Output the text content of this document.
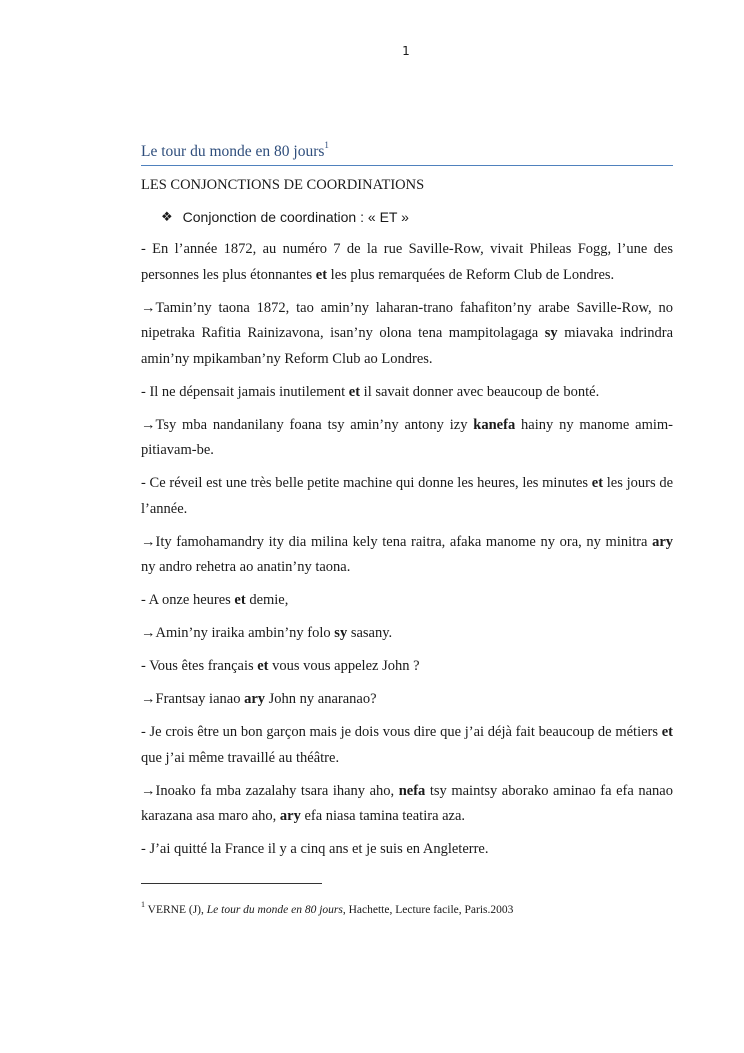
1
Le tour du monde en 80 jours$^1$
LES CONJONCTIONS DE COORDINATIONS
❖ Conjonction de coordination : « ET »
- En l’année 1872, au numéro 7 de la rue Saville-Row, vivait Phileas Fogg, l’une des personnes les plus étonnantes et les plus remarquées de Reform Club de Londres.
→Tamin’ny taona 1872, tao amin’ny laharan-trano fahafiton’ny arabe Saville-Row, no nipetraka Rafitia Rainizavona, isan’ny olona tena mampitolagaga sy miavaka indrindra amin’ny mpikamban’ny Reform Club ao Londres.
- Il ne dépensait jamais inutilement et il savait donner avec beaucoup de bonté.
→Tsy mba nandanilany foana tsy amin’ny antony izy kanefa hainy ny manome amim-pitiavam-be.
- Ce réveil est une très belle petite machine qui donne les heures, les minutes et les jours de l’année.
→Ity famohamandry ity dia milina kely tena raitra, afaka manome ny ora, ny minitra ary ny andro rehetra ao anatin’ny taona.
- A onze heures et demie,
→Amin’ny iraika ambin’ny folo sy sasany.
- Vous êtes français et vous vous appelez John ?
→Frantsay ianao ary John ny anaranao?
- Je crois être un bon garçon mais je dois vous dire que j’ai déjà fait beaucoup de métiers et que j’ai même travaillé au théâtre.
→Inoako fa mba zazalahy tsara ihany aho, nefa tsy maintsy aborako aminao fa efa nanao karazana asa maro aho, ary efa niasa tamina teatira aza.
- J’ai quitté la France il y a cinq ans et je suis en Angleterre.
$^1$ VERNE (J), Le tour du monde en 80 jours, Hachette, Lecture facile, Paris.2003
